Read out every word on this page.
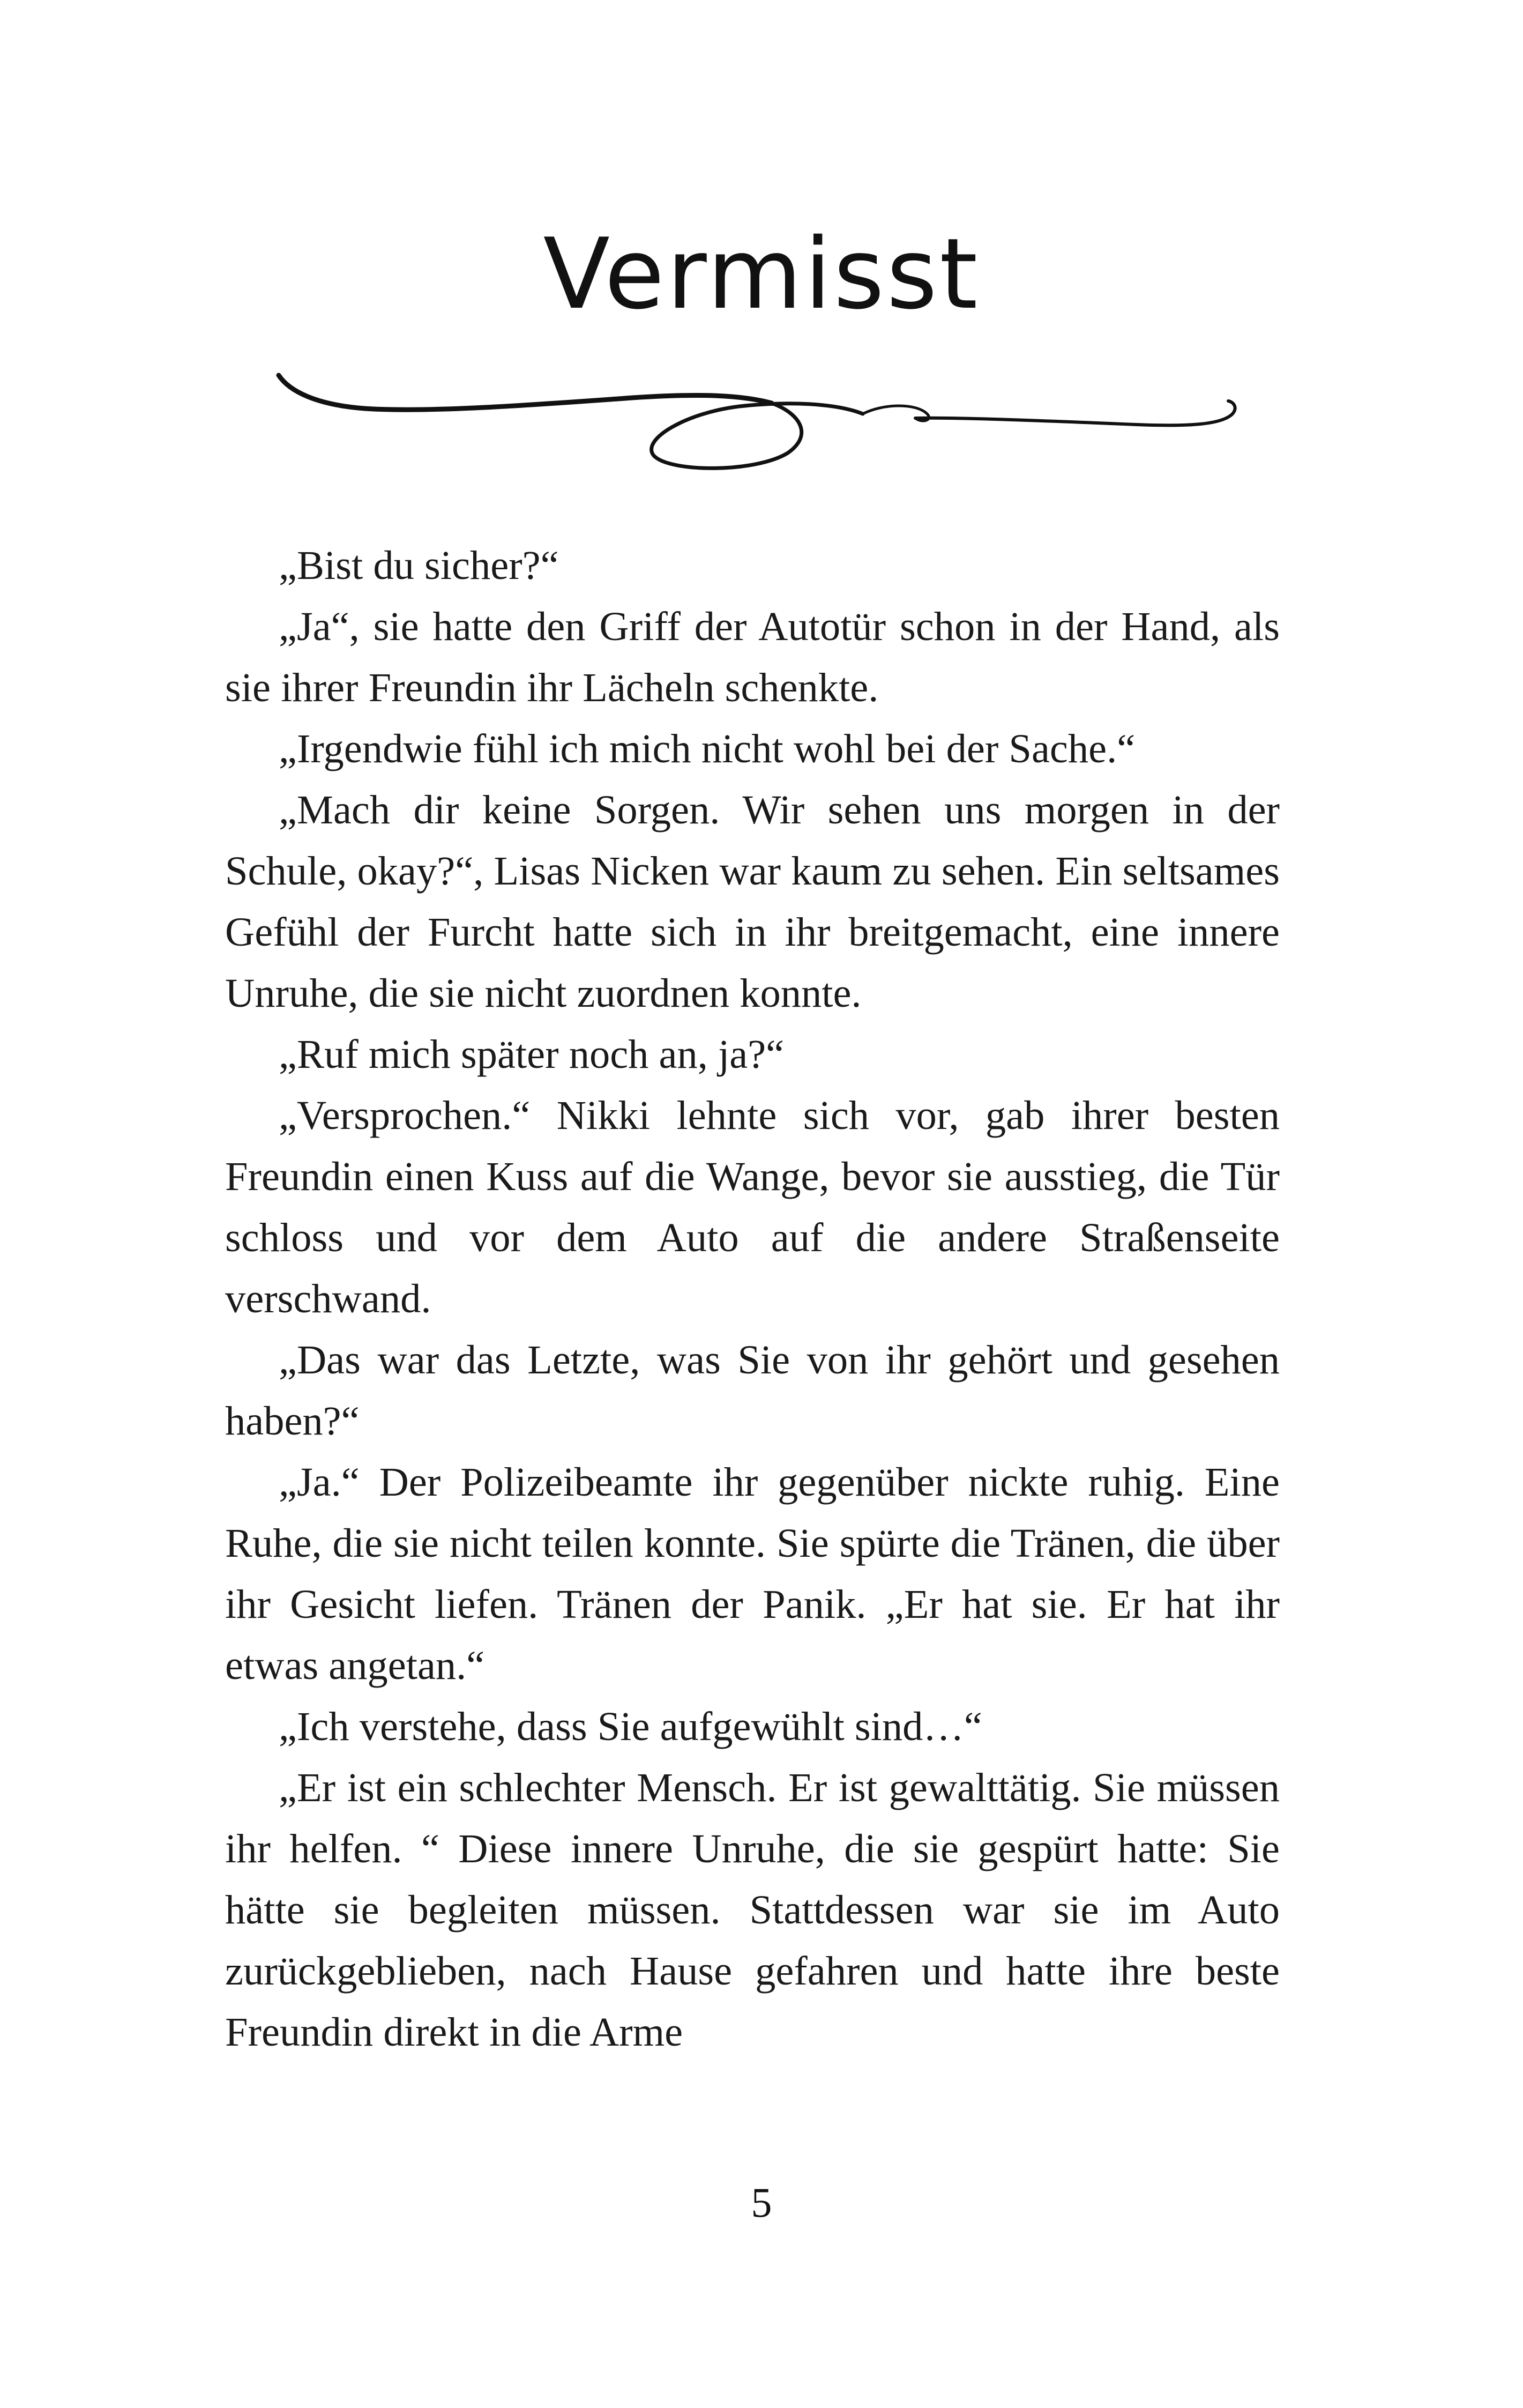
Vermisst

„Bist du sicher?“

„Ja“, sie hatte den Griff der Autotür schon in der Hand, als sie ihrer Freundin ihr Lächeln schenkte.

„Irgendwie fühl ich mich nicht wohl bei der Sache.“

„Mach dir keine Sorgen. Wir sehen uns morgen in der Schule, okay?“, Lisas Nicken war kaum zu sehen. Ein seltsames Gefühl der Furcht hatte sich in ihr breitgemacht, eine innere Unruhe, die sie nicht zuordnen konnte.

„Ruf mich später noch an, ja?“

„Versprochen.“ Nikki lehnte sich vor, gab ihrer besten Freundin einen Kuss auf die Wange, bevor sie ausstieg, die Tür schloss und vor dem Auto auf die andere Straßenseite verschwand.

„Das war das Letzte, was Sie von ihr gehört und gesehen haben?“

„Ja.“ Der Polizeibeamte ihr gegenüber nickte ruhig. Eine Ruhe, die sie nicht teilen konnte. Sie spürte die Tränen, die über ihr Gesicht liefen. Tränen der Panik. „Er hat sie. Er hat ihr etwas angetan.“

„Ich verstehe, dass Sie aufgewühlt sind…“

„Er ist ein schlechter Mensch. Er ist gewalttätig. Sie müssen ihr helfen. “ Diese innere Unruhe, die sie gespürt hatte: Sie hätte sie begleiten müssen. Stattdessen war sie im Auto zurückgeblieben, nach Hause gefahren und hatte ihre beste Freundin direkt in die Arme

5
